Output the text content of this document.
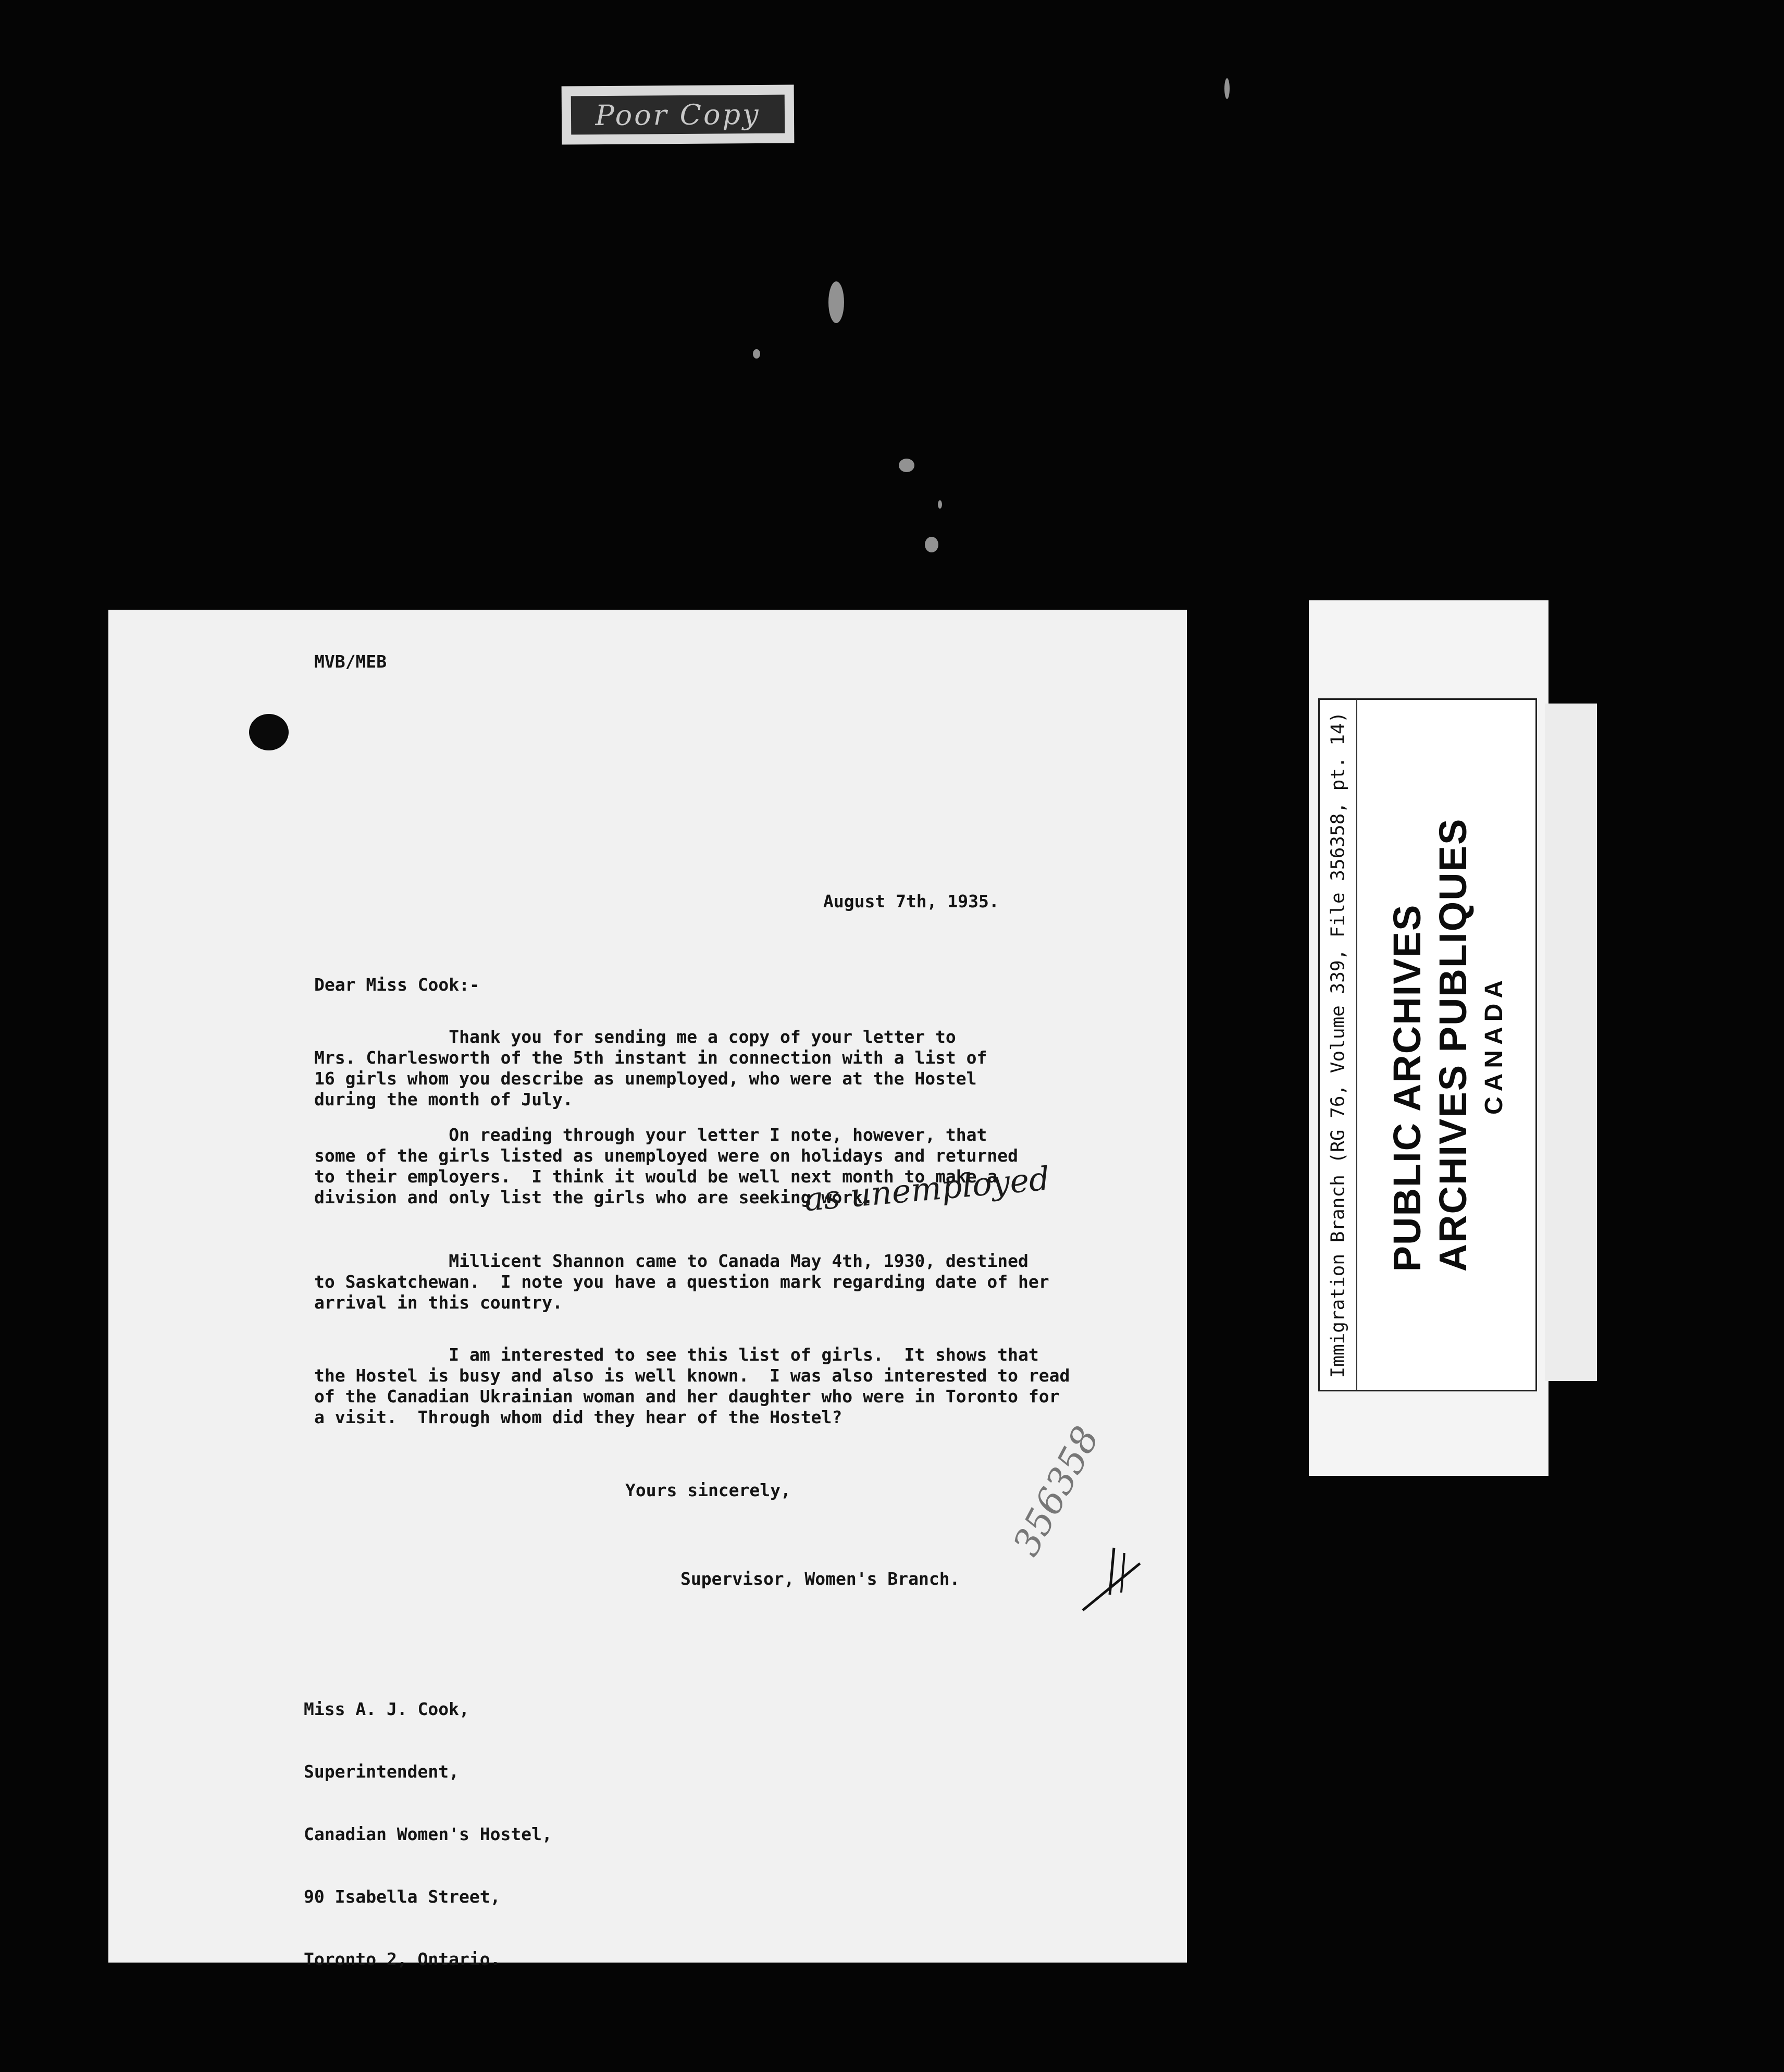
Poor Copy
MVB/MEB
August 7th, 1935.
Dear Miss Cook:-
Thank you for sending me a copy of your letter to
Mrs. Charlesworth of the 5th instant in connection with a list of
16 girls whom you describe as unemployed, who were at the Hostel
during the month of July.
On reading through your letter I note, however, that
some of the girls listed as unemployed were on holidays and returned
to their employers.  I think it would be well next month to make a
division and only list the girls who are seeking work.
as unemployed
Millicent Shannon came to Canada May 4th, 1930, destined
to Saskatchewan.  I note you have a question mark regarding date of her
arrival in this country.
I am interested to see this list of girls.  It shows that
the Hostel is busy and also is well known.  I was also interested to read
of the Canadian Ukrainian woman and her daughter who were in Toronto for
a visit.  Through whom did they hear of the Hostel?
Yours sincerely,	356358
Supervisor, Women's Branch.

Miss A. J. Cook,

Superintendent,

Canadian Women's Hostel,

90 Isabella Street,

Toronto 2, Ontario.

Immigration Branch (RG 76, Volume 339, File 356358, pt. 14) PUBLIC ARCHIVES ARCHIVES PUBLIQUES CANADA
